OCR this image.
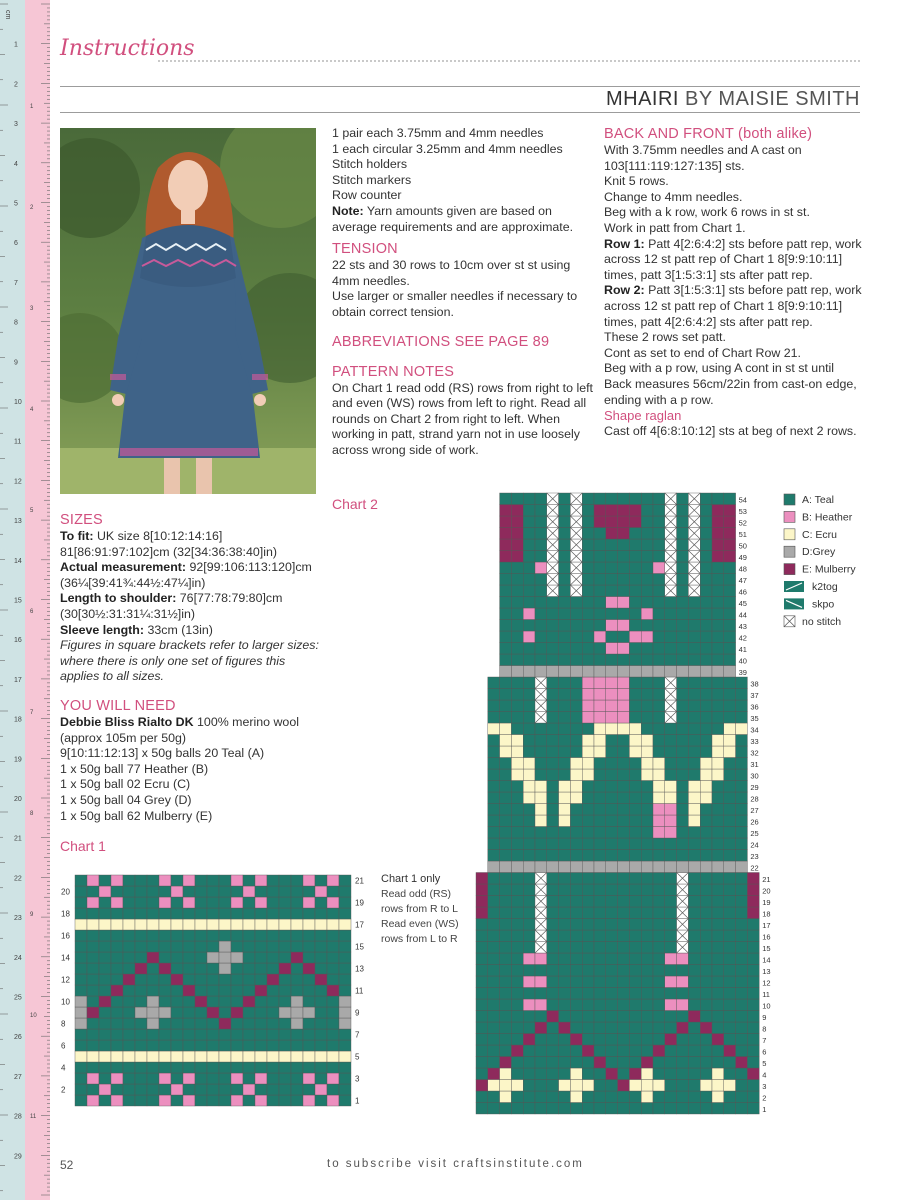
1
2
3
4
5
6
7
8
9
10
11
12
13
14
15
16
17
18
19
20
21
22
23
24
25
26
27
28
29
1
2
3
4
5
6
7
8
9
10
11
cm
Instructions
MHAIRI BY MAISIE SMITH

SIZES

To fit: UK size 8[10:12:14:16]

81[86:91:97:102]cm (32[34:36:38:40]in)

Actual measurement: 92[99:106:113:120]cm

(36¼[39:41¾:44½:47¼]in)

Length to shoulder: 76[77:78:79:80]cm

(30[30½:31:31¼:31½]in)

Sleeve length: 33cm (13in)

Figures in square brackets refer to larger sizes: where there is only one set of figures this applies to all sizes.

YOU WILL NEED

Debbie Bliss Rialto DK 100% merino wool

(approx 105m per 50g)

9[10:11:12:13] x 50g balls 20 Teal (A)

1 x 50g ball 77 Heather (B)

1 x 50g ball 02 Ecru (C)

1 x 50g ball 04 Grey (D)

1 x 50g ball 62 Mulberry (E)

1 pair each 3.75mm and 4mm needles

1 each circular 3.25mm and 4mm needles

Stitch holders

Stitch markers

Row counter

Note: Yarn amounts given are based on average requirements and are approximate.

TENSION

22 sts and 30 rows to 10cm over st st using 4mm needles.

Use larger or smaller needles if necessary to obtain correct tension.

ABBREVIATIONS SEE PAGE 89

PATTERN NOTES

On Chart 1 read odd (RS) rows from right to left and even (WS) rows from left to right. Read all rounds on Chart 2 from right to left. When working in patt, strand yarn not in use loosely across wrong side of work.

BACK AND FRONT (both alike)

With 3.75mm needles and A cast on 103[111:119:127:135] sts.

Knit 5 rows.

Change to 4mm needles.

Beg with a k row, work 6 rows in st st.

Work in patt from Chart 1.

Row 1: Patt 4[2:6:4:2] sts before patt rep, work across 12 st patt rep of Chart 1 8[9:9:10:11] times, patt 3[1:5:3:1] sts after patt rep.

Row 2: Patt 3[1:5:3:1] sts before patt rep, work across 12 st patt rep of Chart 1 8[9:9:10:11] times, patt 4[2:6:4:2] sts after patt rep.

These 2 rows set patt.

Cont as set to end of Chart Row 21.

Beg with a p row, using A cont in st st until Back measures 56cm/22in from cast-on edge, ending with a p row.

Shape raglan

Cast off 4[6:8:10:12] sts at beg of next 2 rows.

Chart 1
Chart 2
1
2
3
4
5
6
7
8
9
10
11
12
13
14
15
16
17
18
19
20
21 Chart 1 only
Read odd (RS)
rows from R to L
Read even (WS)
rows from L to R
1
2
3
4
5
6
7
8
9
10
11
12
13
14
15
16
17
18
19
20
21
22
23
24
25
26
27
28
29
30
31
32
33
34
35
36
37
38
39
40
41
42
43
44
45
46
47
48
49
50
51
52
53
54	A: Teal
B: Heather
C: Ecru
D:Grey
E: Mulberry
k2tog
skpo
no stitch
52	to subscribe visit craftsinstitute.com
